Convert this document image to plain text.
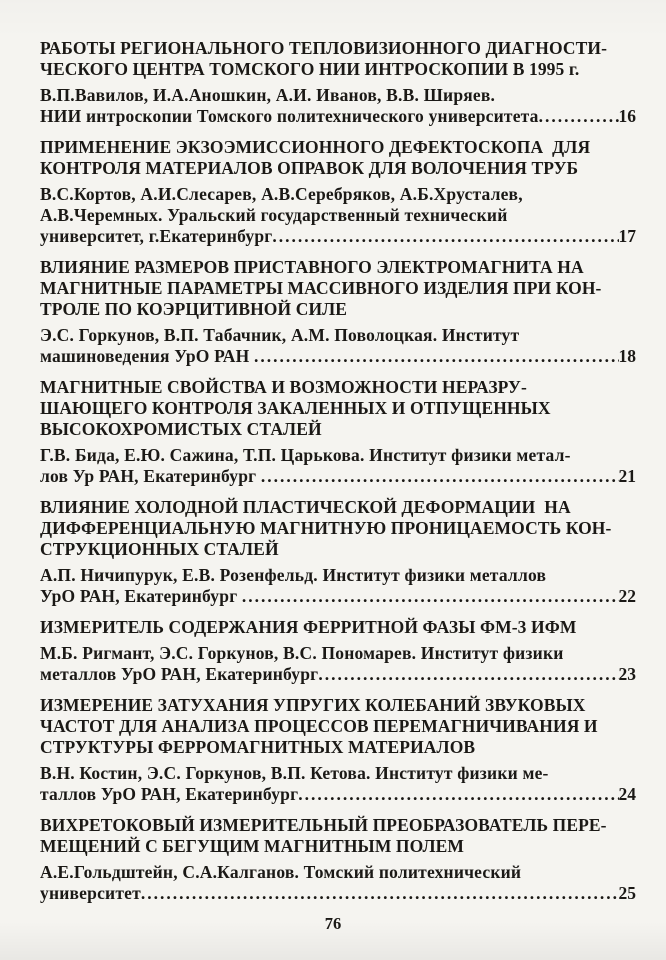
РАБОТЫ РЕГИОНАЛЬНОГО ТЕПЛОВИЗИОННОГО ДИАГНОСТИ-
ЧЕСКОГО ЦЕНТРА ТОМСКОГО НИИ ИНТРОСКОПИИ В 1995 г.
В.П.Вавилов, И.А.Аношкин, А.И. Иванов, В.В. Ширяев.
НИИ интроскопии Томского политехнического университета .....	16
ПРИМЕНЕНИЕ ЭКЗОЭМИССИОННОГО ДЕФЕКТОСКОПА  ДЛЯ
КОНТРОЛЯ МАТЕРИАЛОВ ОПРАВОК ДЛЯ ВОЛОЧЕНИЯ ТРУБ
В.С.Кортов, А.И.Слесарев, А.В.Серебряков, А.Б.Хрусталев,
А.В.Черемных. Уральский государственный технический
университет, г.Екатеринбург .....	17
ВЛИЯНИЕ РАЗМЕРОВ ПРИСТАВНОГО ЭЛЕКТРОМАГНИТА НА
МАГНИТНЫЕ ПАРАМЕТРЫ МАССИВНОГО ИЗДЕЛИЯ ПРИ КОН-
ТРОЛЕ ПО КОЭРЦИТИВНОЙ СИЛЕ
Э.С. Горкунов, В.П. Табачник, А.М. Поволоцкая. Институт
машиноведения УрО РАН .....	18
МАГНИТНЫЕ СВОЙСТВА И ВОЗМОЖНОСТИ НЕРАЗРУ-
ШАЮЩЕГО КОНТРОЛЯ ЗАКАЛЕННЫХ И ОТПУЩЕННЫХ
ВЫСОКОХРОМИСТЫХ СТАЛЕЙ
Г.В. Бида, Е.Ю. Сажина, Т.П. Царькова. Институт физики метал-
лов Ур РАН, Екатеринбург .....	21
ВЛИЯНИЕ ХОЛОДНОЙ ПЛАСТИЧЕСКОЙ ДЕФОРМАЦИИ  НА
ДИФФЕРЕНЦИАЛЬНУЮ МАГНИТНУЮ ПРОНИЦАЕМОСТЬ КОН-
СТРУКЦИОННЫХ СТАЛЕЙ
А.П. Ничипурук, Е.В. Розенфельд. Институт физики металлов
УрО РАН, Екатеринбург .....	22
ИЗМЕРИТЕЛЬ СОДЕРЖАНИЯ ФЕРРИТНОЙ ФАЗЫ ФМ-3 ИФМ
М.Б. Ригмант, Э.С. Горкунов, В.С. Пономарев. Институт физики
металлов УрО РАН, Екатеринбург .....	23
ИЗМЕРЕНИЕ ЗАТУХАНИЯ УПРУГИХ КОЛЕБАНИЙ ЗВУКОВЫХ
ЧАСТОТ ДЛЯ АНАЛИЗА ПРОЦЕССОВ ПЕРЕМАГНИЧИВАНИЯ И
СТРУКТУРЫ ФЕРРОМАГНИТНЫХ МАТЕРИАЛОВ
В.Н. Костин, Э.С. Горкунов, В.П. Кетова. Институт физики ме-
таллов УрО РАН, Екатеринбург .....	24
ВИХРЕТОКОВЫЙ ИЗМЕРИТЕЛЬНЫЙ ПРЕОБРАЗОВАТЕЛЬ ПЕРЕ-
МЕЩЕНИЙ С БЕГУЩИМ МАГНИТНЫМ ПОЛЕМ
А.Е.Гольдштейн, С.А.Калганов. Томский политехнический
университет .....	25
76
